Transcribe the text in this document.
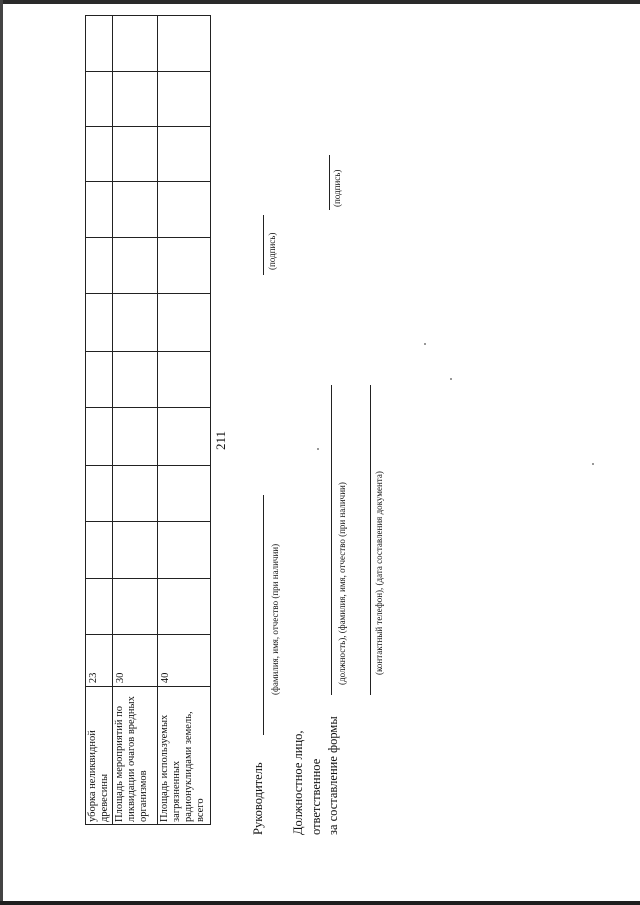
211
уборка неликвидной древесины	23											
Площадь мероприятий по ликвидации очагов вредных организмов	30											
Площадь используемых загрязненных радионуклидами земель, всего	40											
Руководитель
(фамилия, имя, отчество (при наличии)
(подпись)
Должностное лицо, ответственное за составление формы
(должность), (фамилия, имя, отчество (при наличии)
(подпись)
(контактный телефон), (дата составления документа)
